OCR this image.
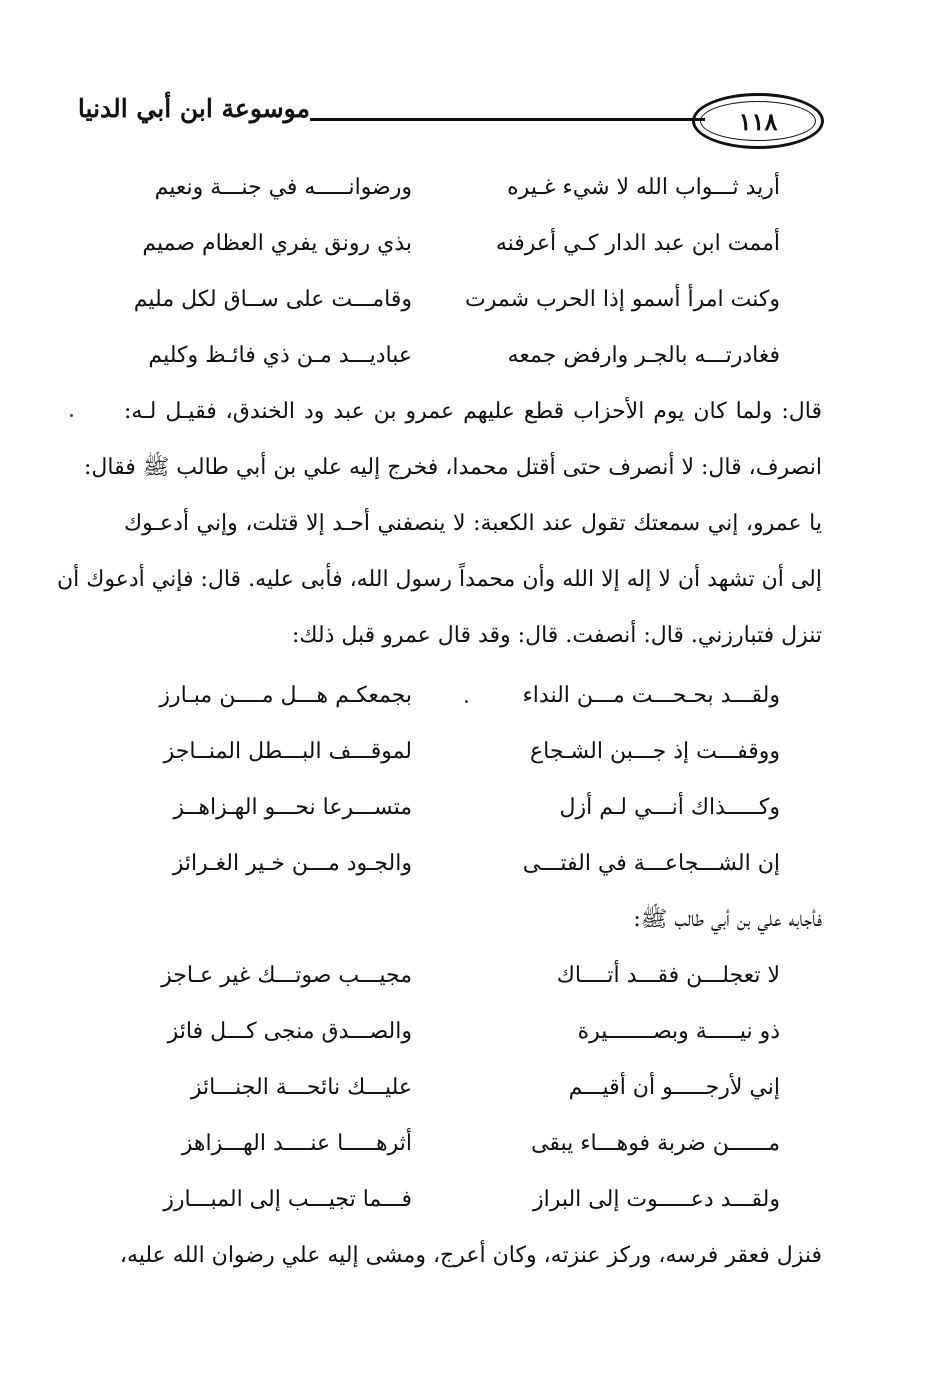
١١٨
موسوعة ابن أبي الدنيا
أريد ثـــواب الله لا شيء غـيره
ورضوانـــــه في جنـــة ونعيم
أممت ابن عبد الدار كـي أعرفنه
بذي رونق يفري العظام صميم
وكنت امرأ أسمو إذا الحرب شمرت
وقامـــت على ســاق لكل مليم
فغادرتـــه بالجـر وارفض جمعه
عباديـــد مـن ذي فائـظ وكليم
قال: ولما كان يوم الأحزاب قطع عليهم عمرو بن عبد ود الخندق، فقيـل لـه:
انصرف، قال: لا أنصرف حتى أقتل محمدا، فخرج إليه علي بن أبي طالب ﷺ فقال:
يا عمرو، إني سمعتك تقول عند الكعبة: لا ينصفني أحـد إلا قتلت، وإني أدعـوك
إلى أن تشهد أن لا إله إلا الله وأن محمداً رسول الله، فأبى عليه. قال: فإني أدعوك أن
تنزل فتبارزني. قال: أنصفت. قال: وقد قال عمرو قبل ذلك:
ولقـــد بحـحـــت مـــن النداء
بجمعكـم هـــل مــــن مبـارز
ووقفـــت إذ جـــبن الشـجاع
لموقـــف البـــطل المنــاجز
وكـــــذاك أنـــي لـم أزل
متســـرعا نحـــو الهـزاهــز
إن الشـــجاعـــة في الفتـــى
والجـود مـــن خـير الغـرائز
فأجابه علي بن أبي طالب ﷺ:
لا تعجلـــن فقـــد أتــــاك
مجيـــب صوتـــك غير عـاجز
ذو نيـــــة وبصـــــــيرة
والصـــدق منجى كـــل فائز
إني لأرجـــــو أن أقيـــم
عليـــك نائحـــة الجنـــائز
مــــــن ضربة فوهـــاء يبقى
أثرهـــــا عنــــد الهـــزاهز
ولقـــد دعـــــوت إلى البراز
فـــما تجيـــب إلى المبـــارز
فنزل فعقر فرسه، وركز عنزته، وكان أعرج، ومشى إليه علي رضوان الله عليه،
